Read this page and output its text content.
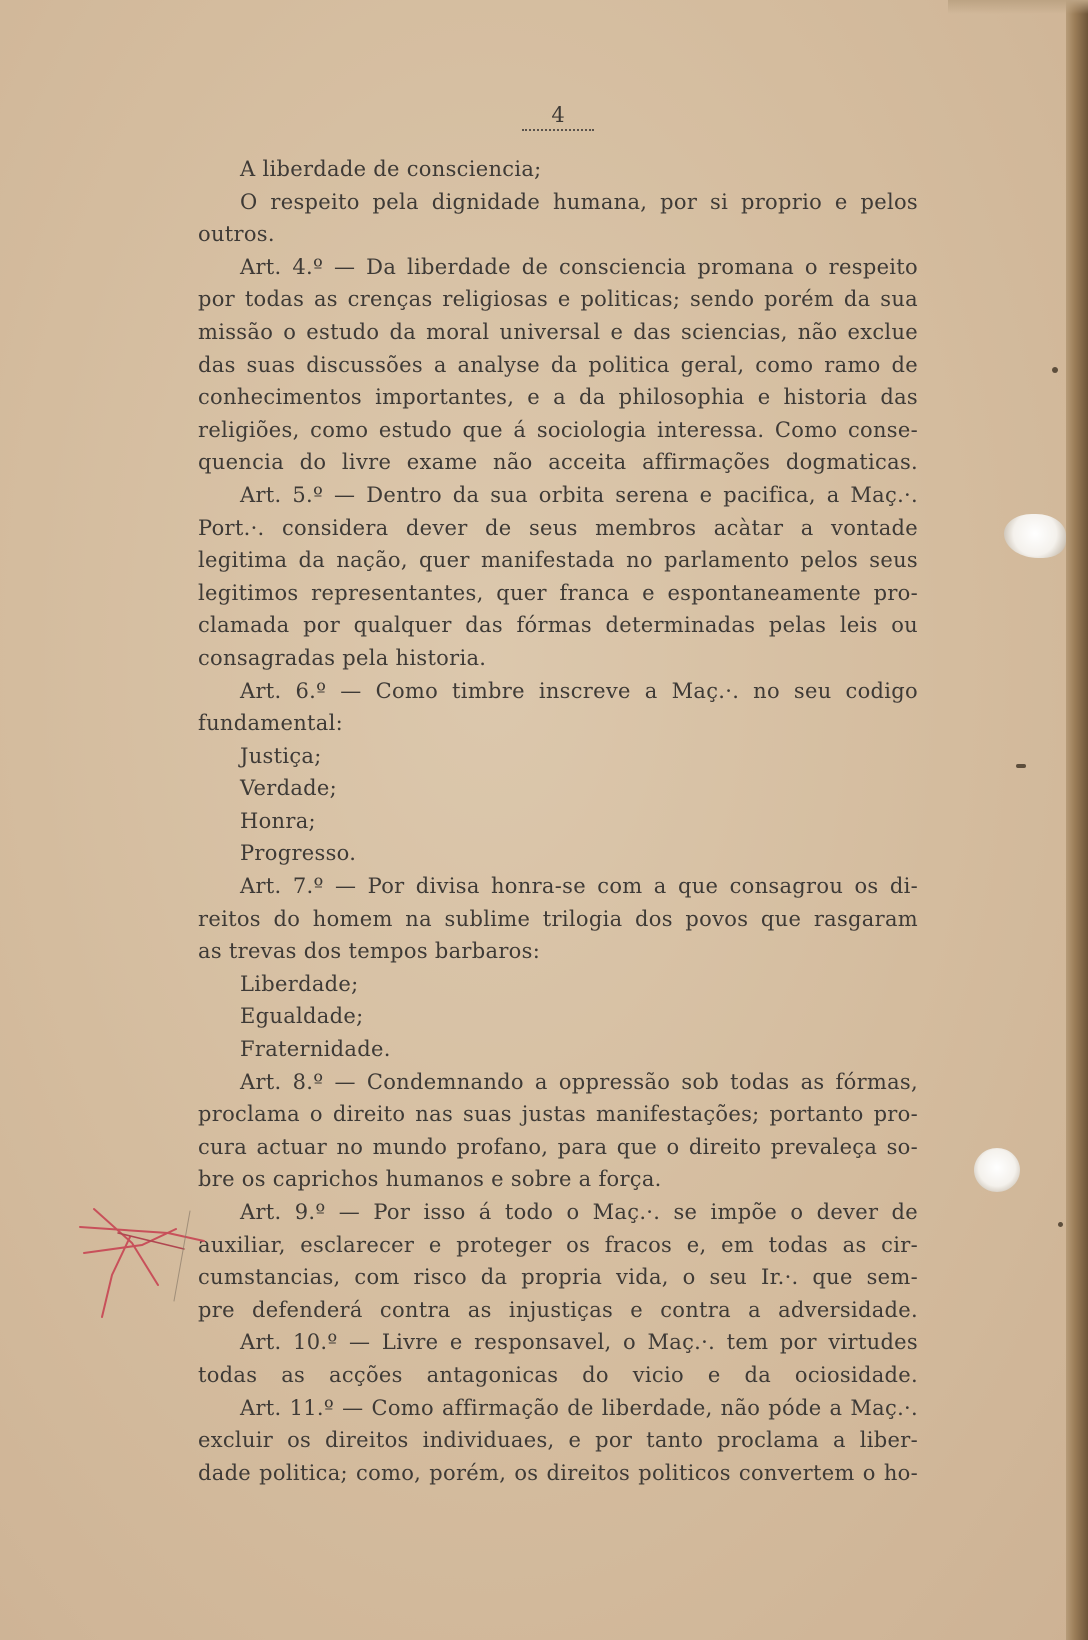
4
A liberdade de consciencia;
O respeito pela dignidade humana, por si proprio e pelos
outros.
Art. 4.º — Da liberdade de consciencia promana o respeito
por todas as crenças religiosas e politicas; sendo porém da sua
missão o estudo da moral universal e das sciencias, não exclue
das suas discussões a analyse da politica geral, como ramo de
conhecimentos importantes, e a da philosophia e historia das
religiões, como estudo que á sociologia interessa. Como conse-
quencia do livre exame não acceita affirmações dogmaticas.
Art. 5.º — Dentro da sua orbita serena e pacifica, a Maç.·.
Port.·. considera dever de seus membros acàtar a vontade
legitima da nação, quer manifestada no parlamento pelos seus
legitimos representantes, quer franca e espontaneamente pro-
clamada por qualquer das fórmas determinadas pelas leis ou
consagradas pela historia.
Art. 6.º — Como timbre inscreve a Maç.·. no seu codigo
fundamental:
Justiça;
Verdade;
Honra;
Progresso.
Art. 7.º — Por divisa honra-se com a que consagrou os di-
reitos do homem na sublime trilogia dos povos que rasgaram
as trevas dos tempos barbaros:
Liberdade;
Egualdade;
Fraternidade.
Art. 8.º — Condemnando a oppressão sob todas as fórmas,
proclama o direito nas suas justas manifestações; portanto pro-
cura actuar no mundo profano, para que o direito prevaleça so-
bre os caprichos humanos e sobre a força.
Art. 9.º — Por isso á todo o Maç.·. se impõe o dever de
auxiliar, esclarecer e proteger os fracos e, em todas as cir-
cumstancias, com risco da propria vida, o seu Ir.·. que sem-
pre defenderá contra as injustiças e contra a adversidade.
Art. 10.º — Livre e responsavel, o Maç.·. tem por virtudes
todas as acções antagonicas do vicio e da ociosidade.
Art. 11.º — Como affirmação de liberdade, não póde a Maç.·.
excluir os direitos individuaes, e por tanto proclama a liber-
dade politica; como, porém, os direitos politicos convertem o ho-
